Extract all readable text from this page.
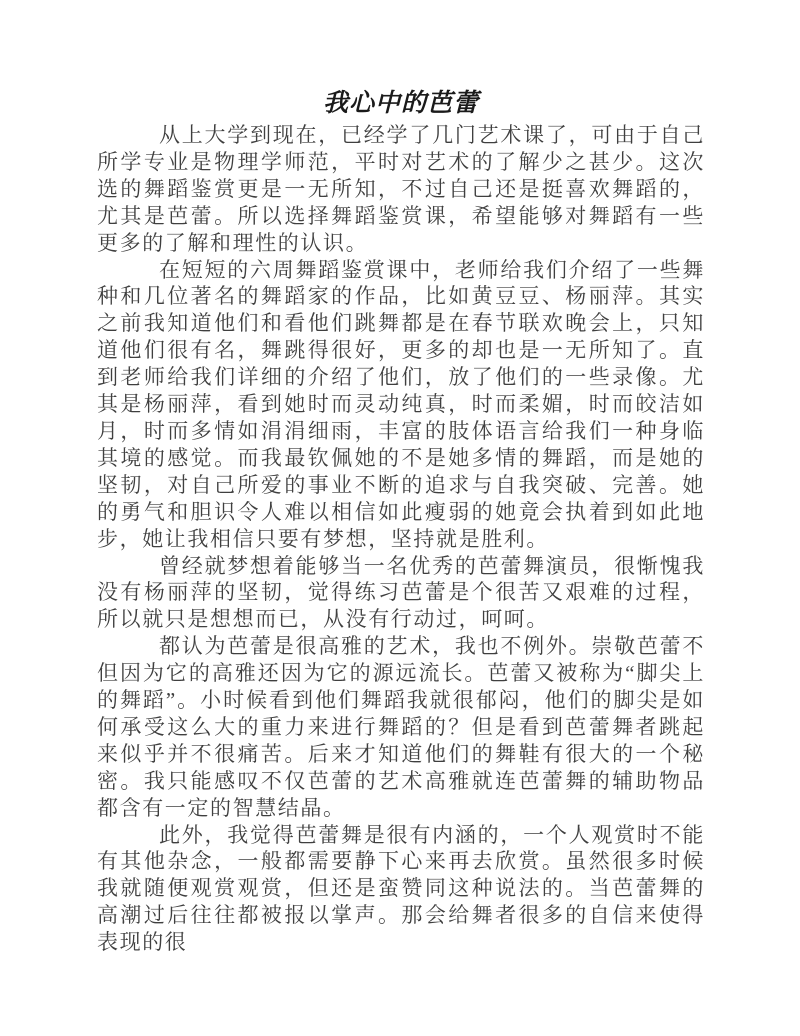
我心中的芭蕾

从上大学到现在，已经学了几门艺术课了，可由于自己所学专业是物理学师范，平时对艺术的了解少之甚少。这次选的舞蹈鉴赏更是一无所知，不过自己还是挺喜欢舞蹈的，尤其是芭蕾。所以选择舞蹈鉴赏课，希望能够对舞蹈有一些更多的了解和理性的认识。

在短短的六周舞蹈鉴赏课中，老师给我们介绍了一些舞种和几位著名的舞蹈家的作品，比如黄豆豆、杨丽萍。其实之前我知道他们和看他们跳舞都是在春节联欢晚会上，只知道他们很有名，舞跳得很好，更多的却也是一无所知了。直到老师给我们详细的介绍了他们，放了他们的一些录像。尤其是杨丽萍，看到她时而灵动纯真，时而柔媚，时而皎洁如月，时而多情如涓涓细雨，丰富的肢体语言给我们一种身临其境的感觉。而我最钦佩她的不是她多情的舞蹈，而是她的坚韧，对自己所爱的事业不断的追求与自我突破、完善。她的勇气和胆识令人难以相信如此瘦弱的她竟会执着到如此地步，她让我相信只要有梦想，坚持就是胜利。

曾经就梦想着能够当一名优秀的芭蕾舞演员，很惭愧我没有杨丽萍的坚韧，觉得练习芭蕾是个很苦又艰难的过程，所以就只是想想而已，从没有行动过，呵呵。

都认为芭蕾是很高雅的艺术，我也不例外。崇敬芭蕾不但因为它的高雅还因为它的源远流长。芭蕾又被称为“脚尖上的舞蹈”。小时候看到他们舞蹈我就很郁闷，他们的脚尖是如何承受这么大的重力来进行舞蹈的？但是看到芭蕾舞者跳起来似乎并不很痛苦。后来才知道他们的舞鞋有很大的一个秘密。我只能感叹不仅芭蕾的艺术高雅就连芭蕾舞的辅助物品都含有一定的智慧结晶。

此外，我觉得芭蕾舞是很有内涵的，一个人观赏时不能有其他杂念，一般都需要静下心来再去欣赏。虽然很多时候我就随便观赏观赏，但还是蛮赞同这种说法的。当芭蕾舞的高潮过后往往都被报以掌声。那会给舞者很多的自信来使得表现的很
